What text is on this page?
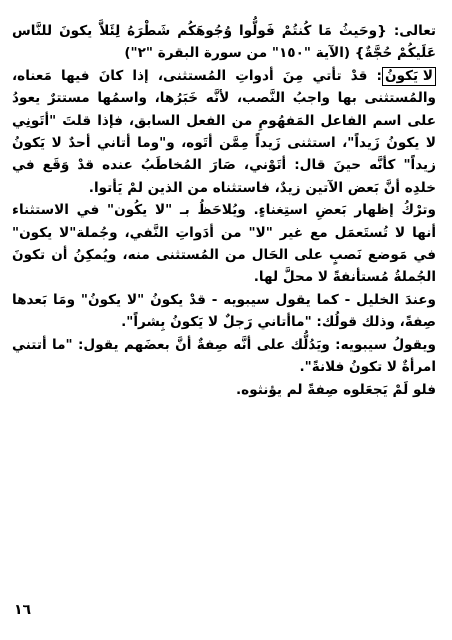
تعالى: {وحَيثُ مَا كُنتُمْ فَولُّوا وُجُوهَكُم شَطْرَهُ لِئَلاَّ يكونَ للنَّاس عَلَيكُمْ حُجَّةٌ} (الآية "١٥٠" من سورة البقرة "٢")

لا يَكونُ: قدْ تأتي مِنَ أدواتِ المُستثنى، إذا كانَ فيها مَعناه، والمُستثنى بها واجبُ النَّصب، لأنَّه خَبَرُها، واسمُها مستترٌ يعودُ على اسم الفاعل المَفهُومِ من الفعل السابق، فإذا قلتَ "أتَونِي لا يكونُ زَيداً"، استثنى زَيداً مِمَّن أتَوه، و"وما أتاني أحدٌ لا يَكونُ زيداً" كأنَّه حينَ قال: أتَوْني، صَارَ المُخاطَبُ عنده قدْ وَقَع في خلدِه أنَّ بَعض الآتين زيدٌ، فاستثناه من الذين لمْ يَأتوا.

وترْكُ إظهار بَعضِ استِغناءٍ. ويُلاحَظُ بـ "لا يكُون" في الاستثناء أنها لا تُستَعمَل مع غير "لا" من أدَواتِ النَّفي، وجُملة"لا يكون" في مَوضع نَصبٍ على الحَال من المُستثنى منه، ويُمكِنُ أن تكونَ الجُملةُ مُستأنفةً لا محلَّ لها.

وعندَ الخليل - كما يقول سيبويه - قدْ يكونُ "لا يكونُ" ومَا بَعدها صِفةً، وذلك قولُك: "ماأتاني رَجلٌ لا يَكونُ بِشراً".

ويقولُ سيبويه: ويَدُلُّك على أنَّه صِفةٌ أنَّ بعضَهم يقول: "ما أتتني امرأةٌ لا تكونُ فلانةً".

فلو لَمْ يَجعَلوه صِفةً لم يؤنثوه.

١٦
